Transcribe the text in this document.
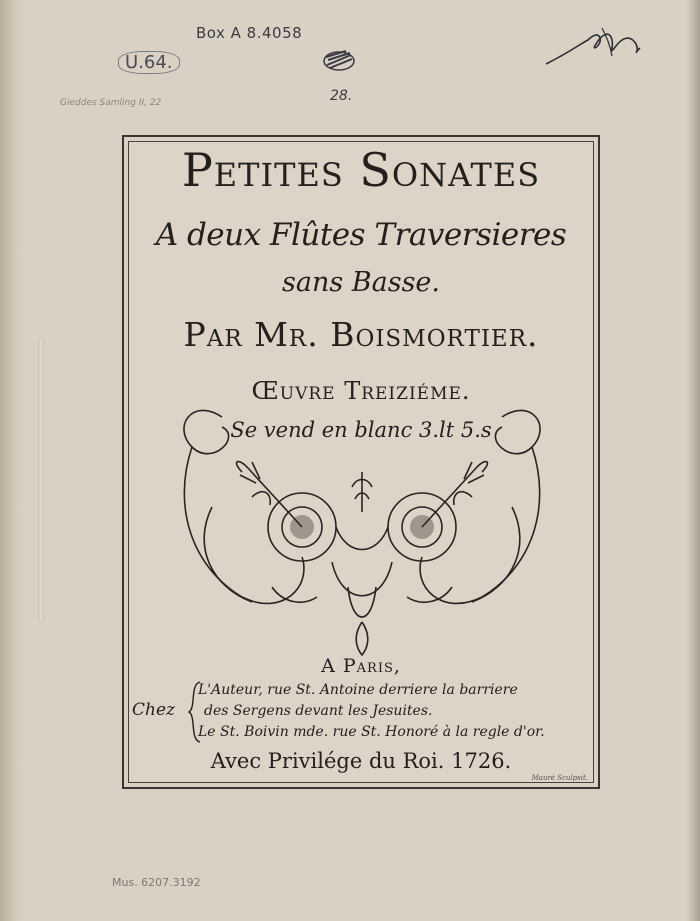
Box A 8.4058
U.64.
Gieddes Samling II, 22	28.
Petites Sonates
A deux Flûtes Traversieres
sans Basse.
Par Mr. Boismortier.
Œuvre Treiziéme.
Se vend en blanc 3.lt 5.s
A Paris,
Chez
L'Auteur, rue St. Antoine derriere la barriere
des Sergens devant les Jesuites.
Le St. Boivin mde. rue St. Honoré à la regle d'or.
Avec Privilége du Roi. 1726.
Mauré Sculpsit.
Mus. 6207.3192
